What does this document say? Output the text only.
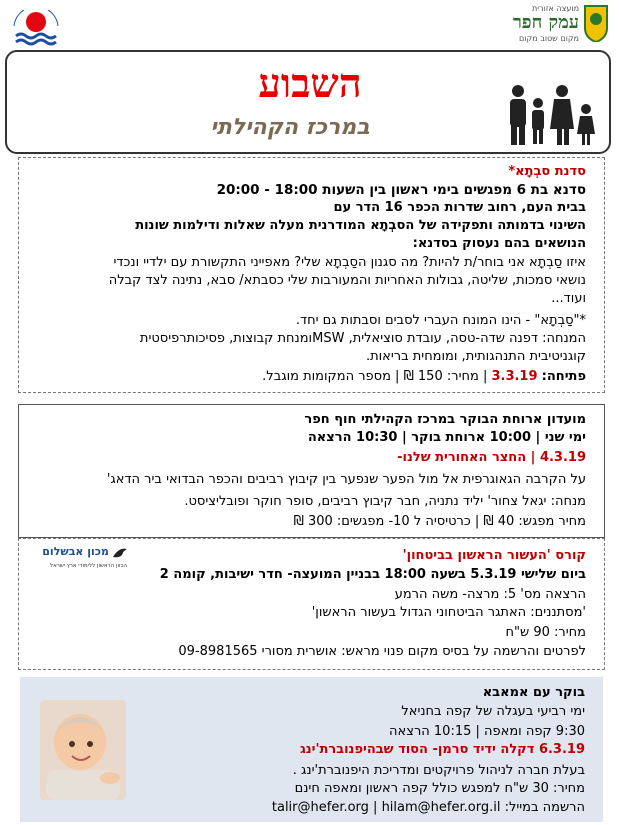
מועצה אזורית
עמק חפר
מקום שטוב מקום
השבוע
במרכז הקהילתי
סדנת סבְתָא*
סדנא בת 6 מפגשים בימי ראשון בין השעות 18:00 - 20:00
בבית העם, רחוב שדרות הכפר 16 הדר עם
השינוי בדמותה ותפקידה של הסבְתָא המודרנית מעלה שאלות ודילמות שונות
הנושאים בהם נעסוק בסדנא:
איזו סַבְתָא אני בוחר/ת להיות? מה סגנון הסַבְתָא שלי? מאפייני התקשורת עם ילדיי ונכדי
נושאי סמכות, שליטה, גבולות האחריות והמעורבות שלי כסבתא/ סבא, נתינה לצד קבלה
ועוד...
*"סַבְתָא" - הינו המונח העברי לסבים וסבתות גם יחד.
המנחה: דפנה שדה-טסה, עובדת סוציאלית, MSWומנחת קבוצות, פסיכותרפיסטית
קוגניטיבית התנהגותית, ומומחית בריאות.
פתיחה: 3.3.19 | מחיר: 150 ₪ | מספר המקומות מוגבל.
מועדון ארוחת הבוקר במרכז הקהילתי חוף חפר
ימי שני | 10:00 ארוחת בוקר | 10:30 הרצאה
4.3.19 | החצר האחורית שלנו-
על הקרבה הגאוגרפית אל מול הפער שנפער בין קיבוץ רביבים והכפר הבדואי ביר הדאג'
מנחה: יגאל צחור' יליד נתניה, חבר קיבוץ רביבים, סופר חוקר ופובליציסט.
מחיר מפגש: 40 ₪ | כרטיסיה ל 10- מפגשים: 300 ₪
קורס 'העשור הראשון בביטחון'
ביום שלישי 5.3.19 בשעה 18:00 בבניין המועצה- חדר ישיבות, קומה 2
הרצאה מס' 5: מרצה- משה הרמע
'מסתננים: האתגר הביטחוני הגדול בעשור הראשון'
מחיר: 90 ש"ח
לפרטים והרשמה על בסיס מקום פנוי מראש: אושרית מסורי 09-8981565
מכון אבשלום
הכוון הראשון ללימודי ארץ ישראל
בוקר עם אמאבא
ימי רביעי בעגלה של קפה בחניאל
9:30 קפה ומאפה | 10:15 הרצאה
6.3.19 דקלה ידיד סרמן- הסוד שבהיפנוברת'ינג
בעלת חברה לניהול פרויקטים ומדריכת היפנוברת'ינג .
מחיר: 30 ש"ח למפגש כולל קפה ראשון ומאפה חינם
הרשמה במייל: talir@hefer.org | hilam@hefer.org.il
